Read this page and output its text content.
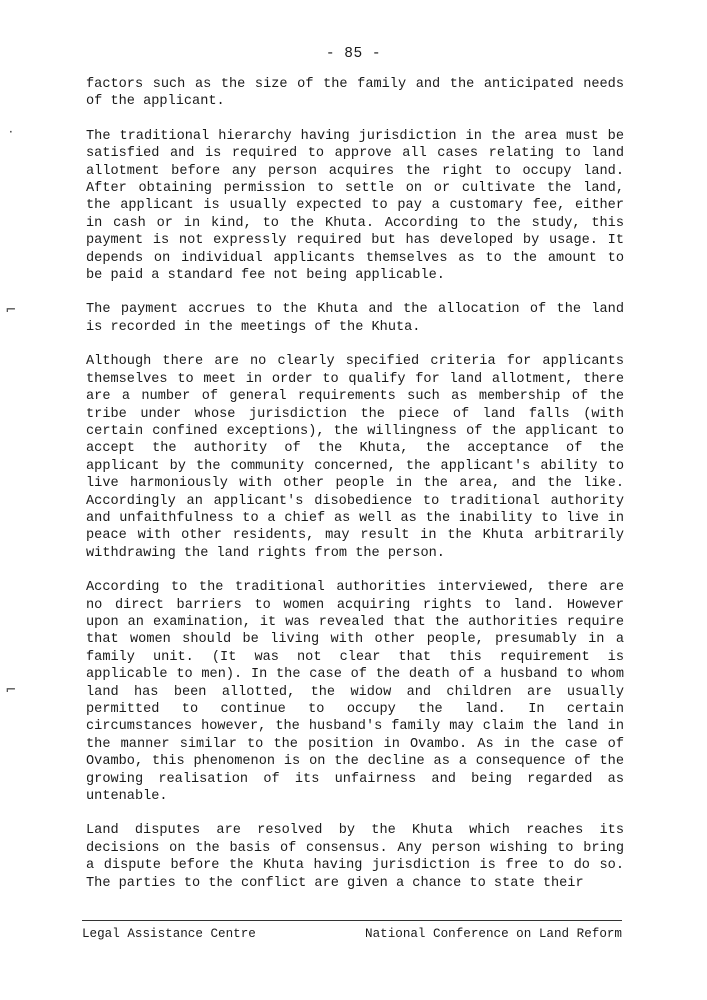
- 85 -
˙
⌐
⌐

factors such as the size of the family and the anticipated needs of the applicant.

The traditional hierarchy having jurisdiction in the area must be satisfied and is required to approve all cases relating to land allotment before any person acquires the right to occupy land. After obtaining permission to settle on or cultivate the land, the applicant is usually expected to pay a customary fee, either in cash or in kind, to the Khuta. According to the study, this payment is not expressly required but has developed by usage. It depends on individual applicants themselves as to the amount to be paid a standard fee not being applicable.

The payment accrues to the Khuta and the allocation of the land is recorded in the meetings of the Khuta.

Although there are no clearly specified criteria for applicants themselves to meet in order to qualify for land allotment, there are a number of general requirements such as membership of the tribe under whose jurisdiction the piece of land falls (with certain confined exceptions), the willingness of the applicant to accept the authority of the Khuta, the acceptance of the applicant by the community concerned, the applicant's ability to live harmoniously with other people in the area, and the like. Accordingly an applicant's disobedience to traditional authority and unfaithfulness to a chief as well as the inability to live in peace with other residents, may result in the Khuta arbitrarily withdrawing the land rights from the person.

According to the traditional authorities interviewed, there are no direct barriers to women acquiring rights to land. However upon an examination, it was revealed that the authorities require that women should be living with other people, presumably in a family unit. (It was not clear that this requirement is applicable to men). In the case of the death of a husband to whom land has been allotted, the widow and children are usually permitted to continue to occupy the land. In certain circumstances however, the husband's family may claim the land in the manner similar to the position in Ovambo. As in the case of Ovambo, this phenomenon is on the decline as a consequence of the growing realisation of its unfairness and being regarded as untenable.

Land disputes are resolved by the Khuta which reaches its decisions on the basis of consensus. Any person wishing to bring a dispute before the Khuta having jurisdiction is free to do so. The parties to the conflict are given a chance to state their

Legal Assistance Centre	National Conference on Land Reform
